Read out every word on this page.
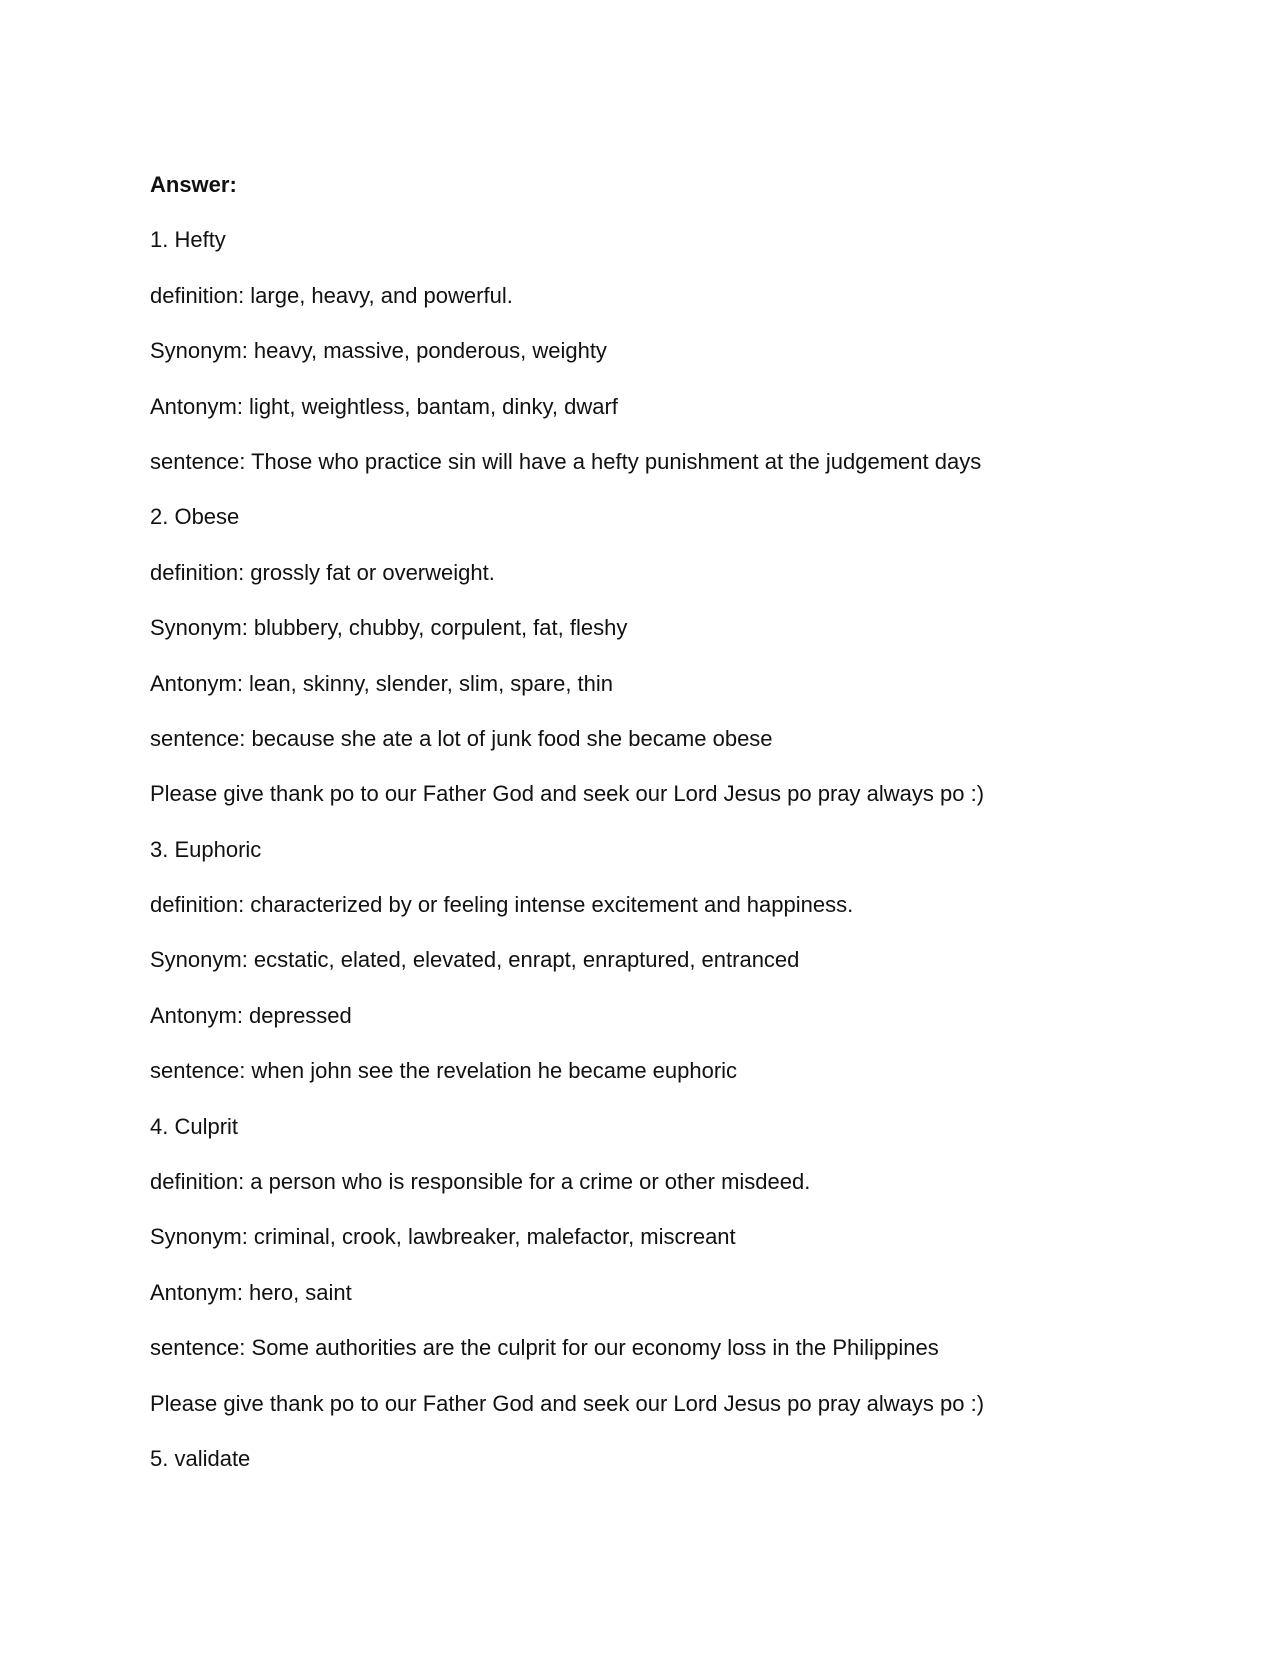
Answer:
1. Hefty
definition: large, heavy, and powerful.
Synonym: heavy, massive, ponderous, weighty
Antonym: light, weightless, bantam, dinky, dwarf
sentence: Those who practice sin will have a hefty punishment at the judgement days
2. Obese
definition: grossly fat or overweight.
Synonym: blubbery, chubby, corpulent, fat, fleshy
Antonym: lean, skinny, slender, slim, spare, thin
sentence: because she ate a lot of junk food she became obese
Please give thank po to our Father God and seek our Lord Jesus po pray always po :)
3. Euphoric
definition: characterized by or feeling intense excitement and happiness.
Synonym: ecstatic, elated, elevated, enrapt, enraptured, entranced
Antonym: depressed
sentence: when john see the revelation he became euphoric
4. Culprit
definition: a person who is responsible for a crime or other misdeed.
Synonym: criminal, crook, lawbreaker, malefactor, miscreant
Antonym: hero, saint
sentence: Some authorities are the culprit for our economy loss in the Philippines
Please give thank po to our Father God and seek our Lord Jesus po pray always po :)
5. validate
